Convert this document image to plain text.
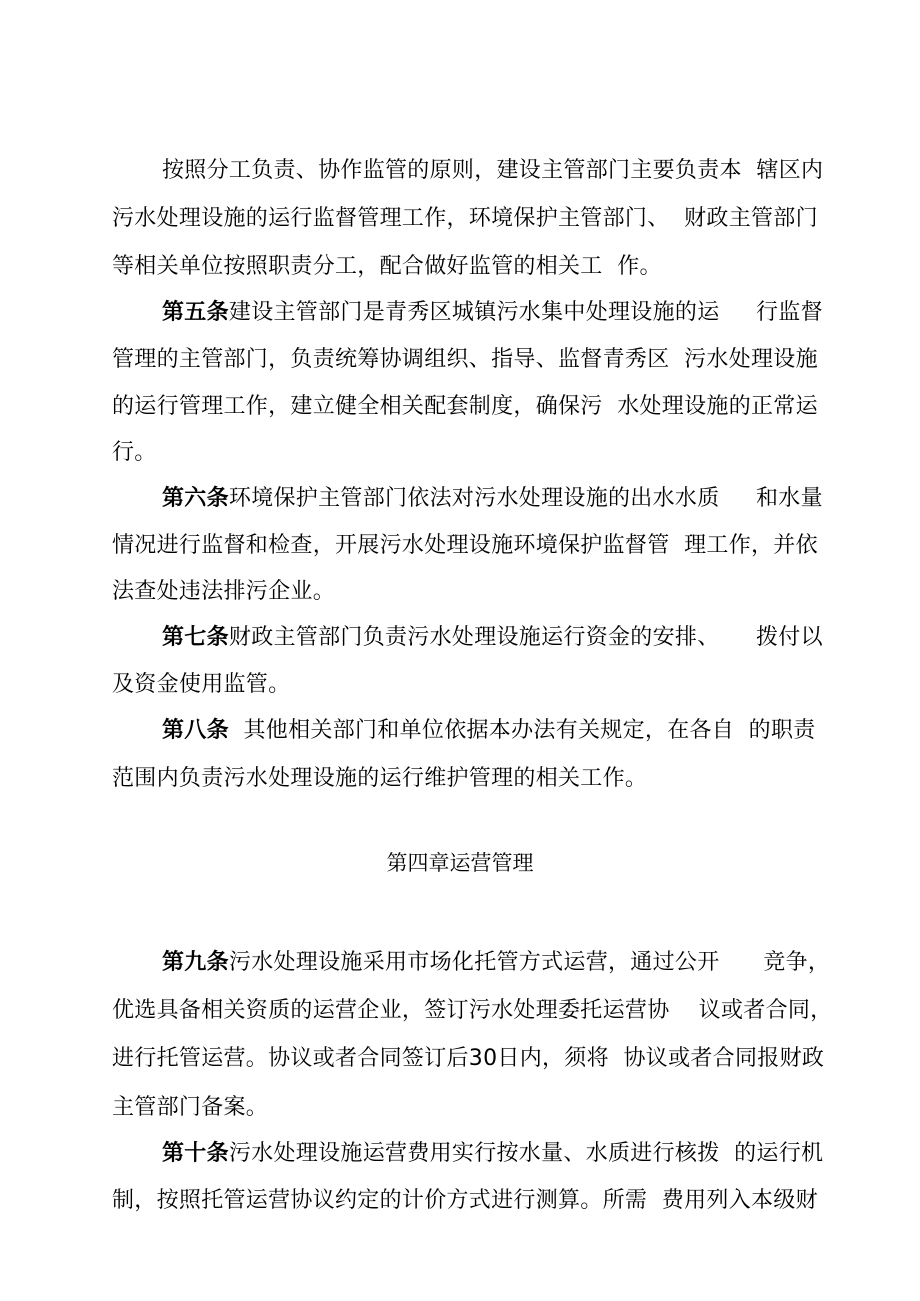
按照分工负责、协作监管的原则，建设主管部门主要负责本  辖区内
污水处理设施的运行监督管理工作，环境保护主管部门、  财政主管部门
等相关单位按照职责分工，配合做好监管的相关工  作。
第五条建设主管部门是青秀区城镇污水集中处理设施的运     行监督
管理的主管部门，负责统筹协调组织、指导、监督青秀区  污水处理设施
的运行管理工作，建立健全相关配套制度，确保污  水处理设施的正常运
行。
第六条环境保护主管部门依法对污水处理设施的出水水质     和水量
情况进行监督和检查，开展污水处理设施环境保护监督管  理工作，并依
法查处违法排污企业。
第七条财政主管部门负责污水处理设施运行资金的安排、     拨付以
及资金使用监管。
第八条  其他相关部门和单位依据本办法有关规定，在各自  的职责
范围内负责污水处理设施的运行维护管理的相关工作。
第四章运营管理
第九条污水处理设施采用市场化托管方式运营，通过公开      竞争，
优选具备相关资质的运营企业，签订污水处理委托运营协    议或者合同，
进行托管运营。协议或者合同签订后30日内，须将  协议或者合同报财政
主管部门备案。
第十条污水处理设施运营费用实行按水量、水质进行核拨  的运行机
制，按照托管运营协议约定的计价方式进行测算。所需  费用列入本级财
